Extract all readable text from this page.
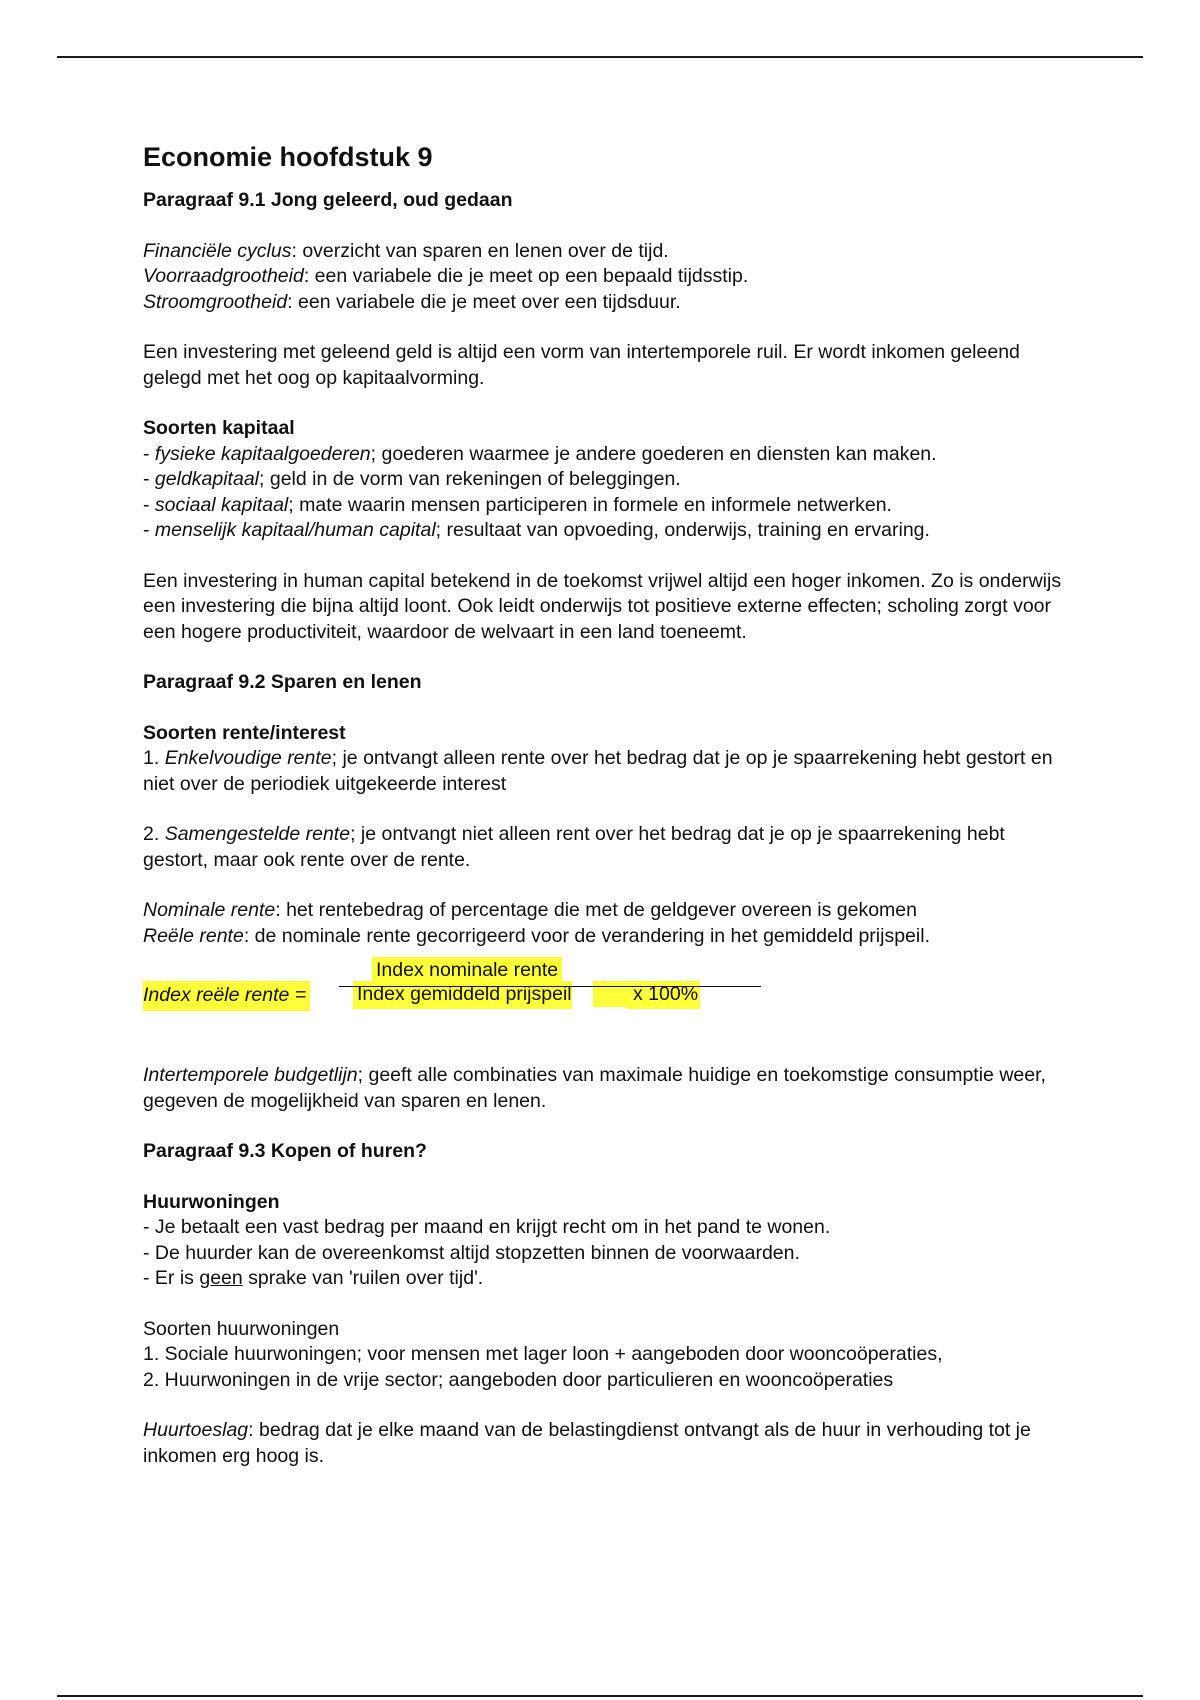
Economie hoofdstuk 9
Paragraaf 9.1 Jong geleerd, oud gedaan
Financiële cyclus: overzicht van sparen en lenen over de tijd.
Voorraadgrootheid: een variabele die je meet op een bepaald tijdsstip.
Stroomgrootheid: een variabele die je meet over een tijdsduur.
Een investering met geleend geld is altijd een vorm van intertemporele ruil. Er wordt inkomen geleend gelegd met het oog op kapitaalvorming.
Soorten kapitaal
- fysieke kapitaalgoederen; goederen waarmee je andere goederen en diensten kan maken.
- geldkapitaal; geld in de vorm van rekeningen of beleggingen.
- sociaal kapitaal; mate waarin mensen participeren in formele en informele netwerken.
- menselijk kapitaal/human capital; resultaat van opvoeding, onderwijs, training en ervaring.
Een investering in human capital betekend in de toekomst vrijwel altijd een hoger inkomen. Zo is onderwijs een investering die bijna altijd loont. Ook leidt onderwijs tot positieve externe effecten; scholing zorgt voor een hogere productiviteit, waardoor de welvaart in een land toeneemt.
Paragraaf 9.2 Sparen en lenen
Soorten rente/interest
1. Enkelvoudige rente; je ontvangt alleen rente over het bedrag dat je op je spaarrekening hebt gestort en niet over de periodiek uitgekeerde interest
2. Samengestelde rente; je ontvangt niet alleen rent over het bedrag dat je op je spaarrekening hebt gestort, maar ook rente over de rente.
Nominale rente: het rentebedrag of percentage die met de geldgever overeen is gekomen
Reële rente: de nominale rente gecorrigeerd voor de verandering in het gemiddeld prijspeil.
Index reële rente =
Index nominale rente
Index gemiddeld prijspeil	x 100%
Intertemporele budgetlijn; geeft alle combinaties van maximale huidige en toekomstige consumptie weer, gegeven de mogelijkheid van sparen en lenen.
Paragraaf 9.3 Kopen of huren?
Huurwoningen
- Je betaalt een vast bedrag per maand en krijgt recht om in het pand te wonen.
- De huurder kan de overeenkomst altijd stopzetten binnen de voorwaarden.
- Er is geen sprake van 'ruilen over tijd'.
Soorten huurwoningen
1. Sociale huurwoningen; voor mensen met lager loon + aangeboden door wooncoöperaties,
2. Huurwoningen in de vrije sector; aangeboden door particulieren en wooncoöperaties
Huurtoeslag: bedrag dat je elke maand van de belastingdienst ontvangt als de huur in verhouding tot je inkomen erg hoog is.
